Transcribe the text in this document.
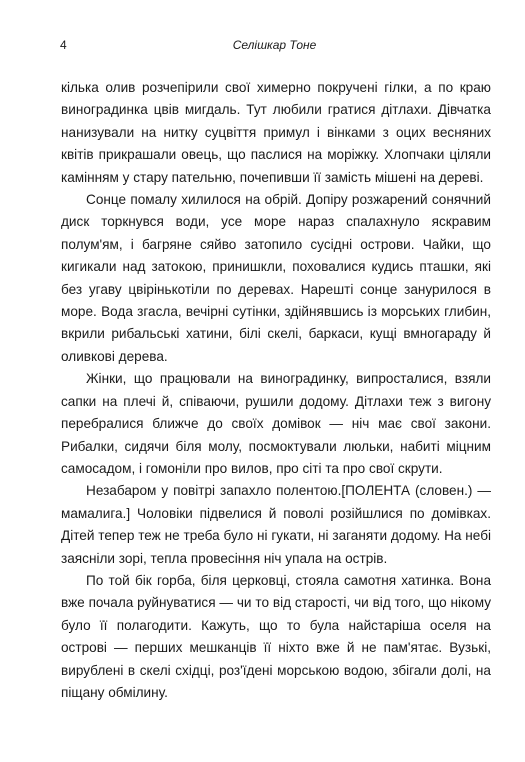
4	Селішкар Тоне

кілька олив розчепірили свої химерно покручені гілки, а по краю виноградинка цвів мигдаль. Тут любили гратися дітлахи. Дівчатка нанизували на нитку суцвіття примул і вінками з оцих весняних квітів прикрашали овець, що паслися на моріжку. Хлопчаки ціляли камінням у стару пательню, почепивши її замість мішені на дереві.

Сонце помалу хилилося на обрій. Допіру розжарений сонячний диск торкнувся води, усе море нараз спалахнуло яскравим полум'ям, і багряне сяйво затопило сусідні острови. Чайки, що кигикали над затокою, принишкли, поховалися кудись пташки, які без угаву цвірінькотіли по деревах. Нарешті сонце занурилося в море. Вода згасла, вечірні сутінки, здійнявшись із морських глибин, вкрили рибальські хатини, білі скелі, баркаси, кущі вмногараду й оливкові дерева.

Жінки, що працювали на виноградинку, випросталися, взяли сапки на плечі й, співаючи, рушили додому. Дітлахи теж з вигону перебралися ближче до своїх домівок — ніч має свої закони. Рибалки, сидячи біля молу, посмоктували люльки, набиті міцним самосадом, і гомоніли про вилов, про сіті та про свої скрути.

Незабаром у повітрі запахло полентою.[ПОЛЕНТА (словен.) — мамалига.] Чоловіки підвелися й поволі розійшлися по домівках. Дітей тепер теж не треба було ні гукати, ні заганяти додому. На небі заясніли зорі, тепла провесіння ніч упала на острів.

По той бік горба, біля церковці, стояла самотня хатинка. Вона вже почала руйнуватися — чи то від старості, чи від того, що нікому було її полагодити. Кажуть, що то була найстаріша оселя на острові — перших мешканців її ніхто вже й не пам'ятає. Вузькі, вирублені в скелі східці, роз'їдені морською водою, збігали долі, на піщану обмілину.
